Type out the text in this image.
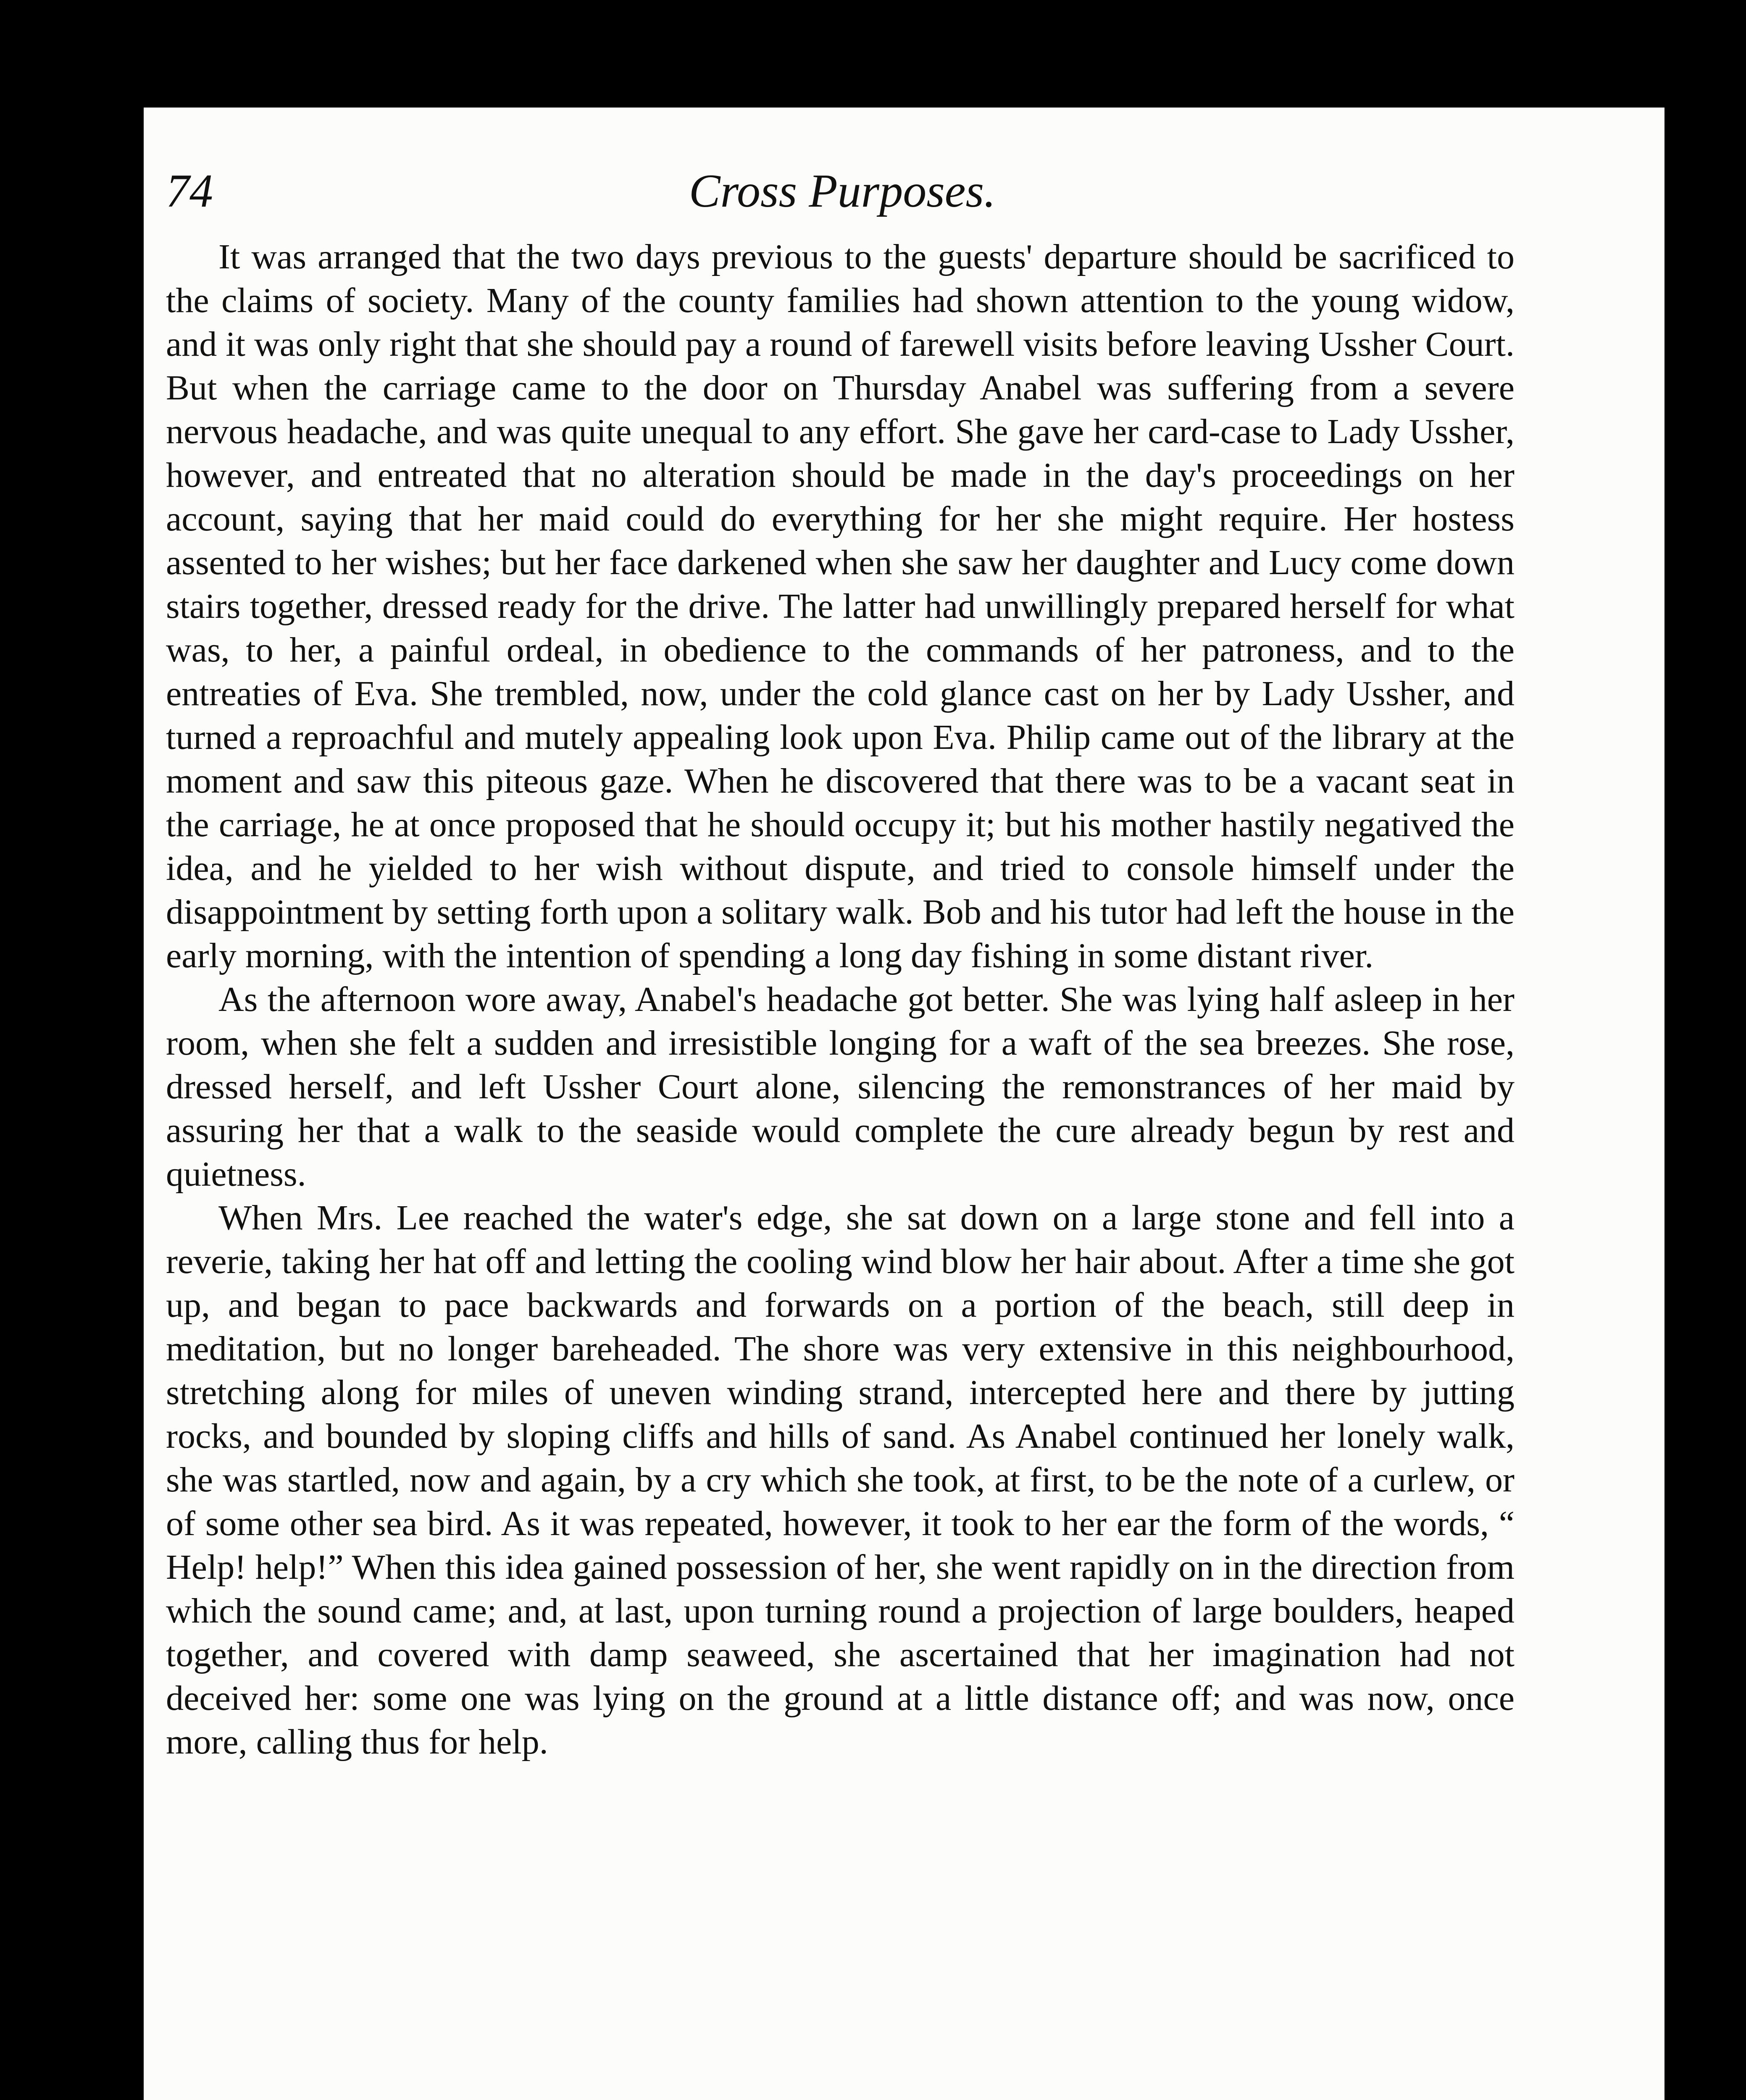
74	Cross Purposes.

It was arranged that the two days previous to the guests' departure should be sacrificed to the claims of society. Many of the county families had shown attention to the young widow, and it was only right that she should pay a round of farewell visits before leaving Ussher Court. But when the carriage came to the door on Thursday Anabel was suffering from a severe nervous headache, and was quite unequal to any effort. She gave her card-case to Lady Ussher, however, and entreated that no alteration should be made in the day's proceedings on her account, saying that her maid could do everything for her she might require. Her hostess assented to her wishes; but her face darkened when she saw her daughter and Lucy come down stairs together, dressed ready for the drive. The latter had unwillingly prepared herself for what was, to her, a painful ordeal, in obedience to the commands of her patroness, and to the entreaties of Eva. She trembled, now, under the cold glance cast on her by Lady Ussher, and turned a reproachful and mutely appealing look upon Eva. Philip came out of the library at the moment and saw this piteous gaze. When he discovered that there was to be a vacant seat in the carriage, he at once proposed that he should occupy it; but his mother hastily negatived the idea, and he yielded to her wish without dispute, and tried to console himself under the disappointment by setting forth upon a solitary walk. Bob and his tutor had left the house in the early morning, with the intention of spending a long day fishing in some distant river.

As the afternoon wore away, Anabel's headache got better. She was lying half asleep in her room, when she felt a sudden and irresistible longing for a waft of the sea breezes. She rose, dressed herself, and left Ussher Court alone, silencing the remonstrances of her maid by assuring her that a walk to the seaside would complete the cure already begun by rest and quietness.

When Mrs. Lee reached the water's edge, she sat down on a large stone and fell into a reverie, taking her hat off and letting the cooling wind blow her hair about. After a time she got up, and began to pace backwards and forwards on a portion of the beach, still deep in meditation, but no longer bareheaded. The shore was very extensive in this neighbourhood, stretching along for miles of uneven winding strand, intercepted here and there by jutting rocks, and bounded by sloping cliffs and hills of sand. As Anabel continued her lonely walk, she was startled, now and again, by a cry which she took, at first, to be the note of a curlew, or of some other sea bird. As it was repeated, however, it took to her ear the form of the words, “ Help! help!” When this idea gained possession of her, she went rapidly on in the direction from which the sound came; and, at last, upon turning round a projection of large boulders, heaped together, and covered with damp seaweed, she ascertained that her imagination had not deceived her: some one was lying on the ground at a little distance off; and was now, once more, calling thus for help.
